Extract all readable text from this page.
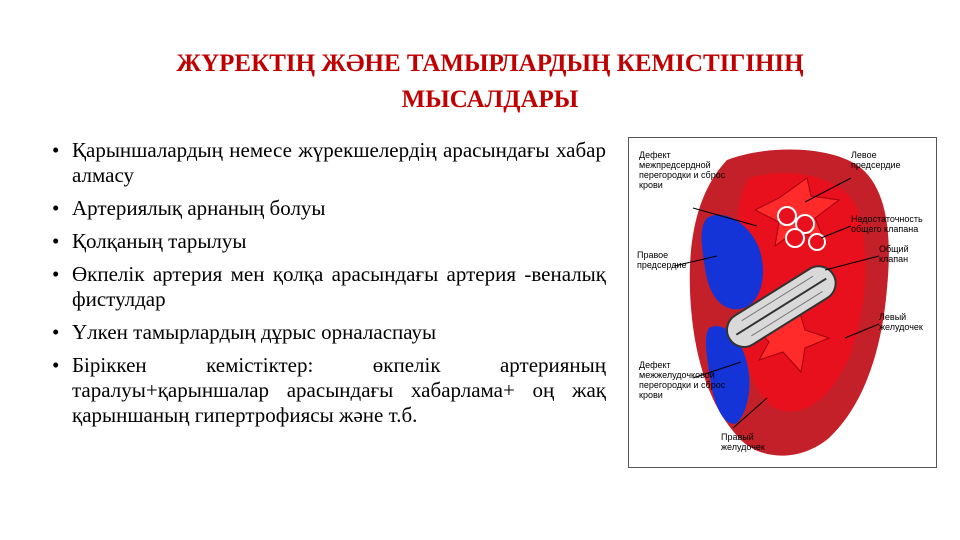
ЖҮРЕКТІҢ ЖӘНЕ ТАМЫРЛАРДЫҢ КЕМІСТІГІНІҢ
МЫСАЛДАРЫ
• Қарыншалардың немесе жүрекшелердің арасындағы хабар алмасу
• Артериялық арнаның болуы
• Қолқаның тарылуы
• Өкпелік артерия мен қолқа арасындағы артерия -веналық фистулдар
• Үлкен тамырлардың дұрыс орналаспауы
• Біріккен кемістіктер: өкпелік артерияның таралуы+қарыншалар арасындағы хабарлама+ оң жақ қарыншаның гипертрофиясы және т.б.
Дефект
межпредсердной
перегородки и сброс
крови
Левое
предсердие
Правое
предсердие
Недостаточность
общего клапана
Общий
клапан
Левый
желудочек
Дефект
межжелудочковой
перегородки и сброс
крови
Правый
желудочек
